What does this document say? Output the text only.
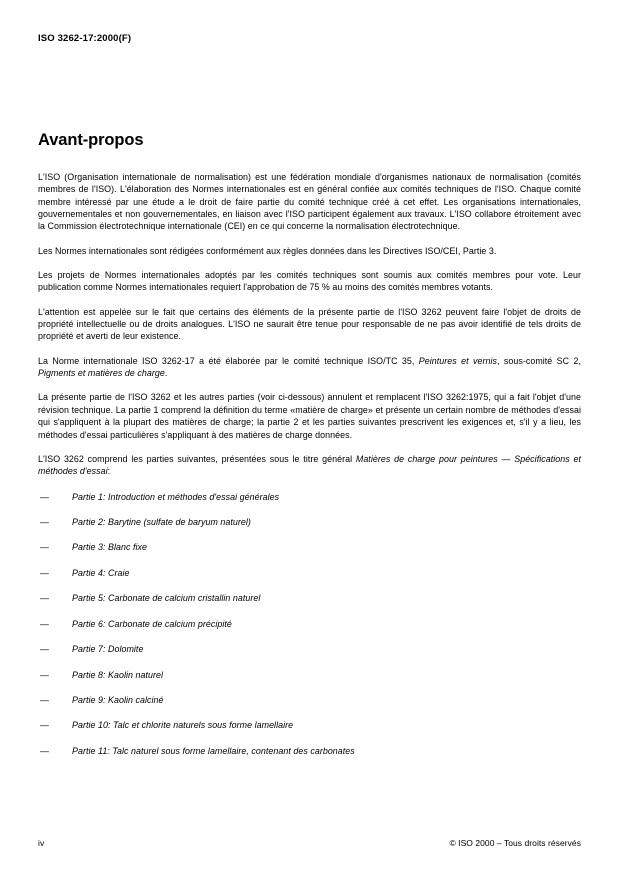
ISO 3262-17:2000(F)
Avant-propos

L'ISO (Organisation internationale de normalisation) est une fédération mondiale d'organismes nationaux de normalisation (comités membres de l'ISO). L'élaboration des Normes internationales est en général confiée aux comités techniques de l'ISO. Chaque comité membre intéressé par une étude a le droit de faire partie du comité technique créé à cet effet. Les organisations internationales, gouvernementales et non gouvernementales, en liaison avec l'ISO participent également aux travaux. L'ISO collabore étroitement avec la Commission électrotechnique internationale (CEI) en ce qui concerne la normalisation électrotechnique.

Les Normes internationales sont rédigées conformément aux règles données dans les Directives ISO/CEI, Partie 3.

Les projets de Normes internationales adoptés par les comités techniques sont soumis aux comités membres pour vote. Leur publication comme Normes internationales requiert l'approbation de 75 % au moins des comités membres votants.

L'attention est appelée sur le fait que certains des éléments de la présente partie de l'ISO 3262 peuvent faire l'objet de droits de propriété intellectuelle ou de droits analogues. L'ISO ne saurait être tenue pour responsable de ne pas avoir identifié de tels droits de propriété et averti de leur existence.

La Norme internationale ISO 3262-17 a été élaborée par le comité technique ISO/TC 35, Peintures et vernis, sous-comité SC 2, Pigments et matières de charge.

La présente partie de l'ISO 3262 et les autres parties (voir ci-dessous) annulent et remplacent l'ISO 3262:1975, qui a fait l'objet d'une révision technique. La partie 1 comprend la définition du terme «matière de charge» et présente un certain nombre de méthodes d'essai qui s'appliquent à la plupart des matières de charge; la partie 2 et les parties suivantes prescrivent les exigences et, s'il y a lieu, les méthodes d'essai particulières s'appliquant à des matières de charge données.

L'ISO 3262 comprend les parties suivantes, présentées sous le titre général Matières de charge pour peintures — Spécifications et méthodes d'essai:

—	Partie 1: Introduction et méthodes d'essai générales
—	Partie 2: Barytine (sulfate de baryum naturel)
—	Partie 3: Blanc fixe
—	Partie 4: Craie
—	Partie 5: Carbonate de calcium cristallin naturel
—	Partie 6: Carbonate de calcium précipité
—	Partie 7: Dolomite
—	Partie 8: Kaolin naturel
—	Partie 9: Kaolin calciné
—	Partie 10: Talc et chlorite naturels sous forme lamellaire
—	Partie 11: Talc naturel sous forme lamellaire, contenant des carbonates
iv	© ISO 2000 – Tous droits réservés
